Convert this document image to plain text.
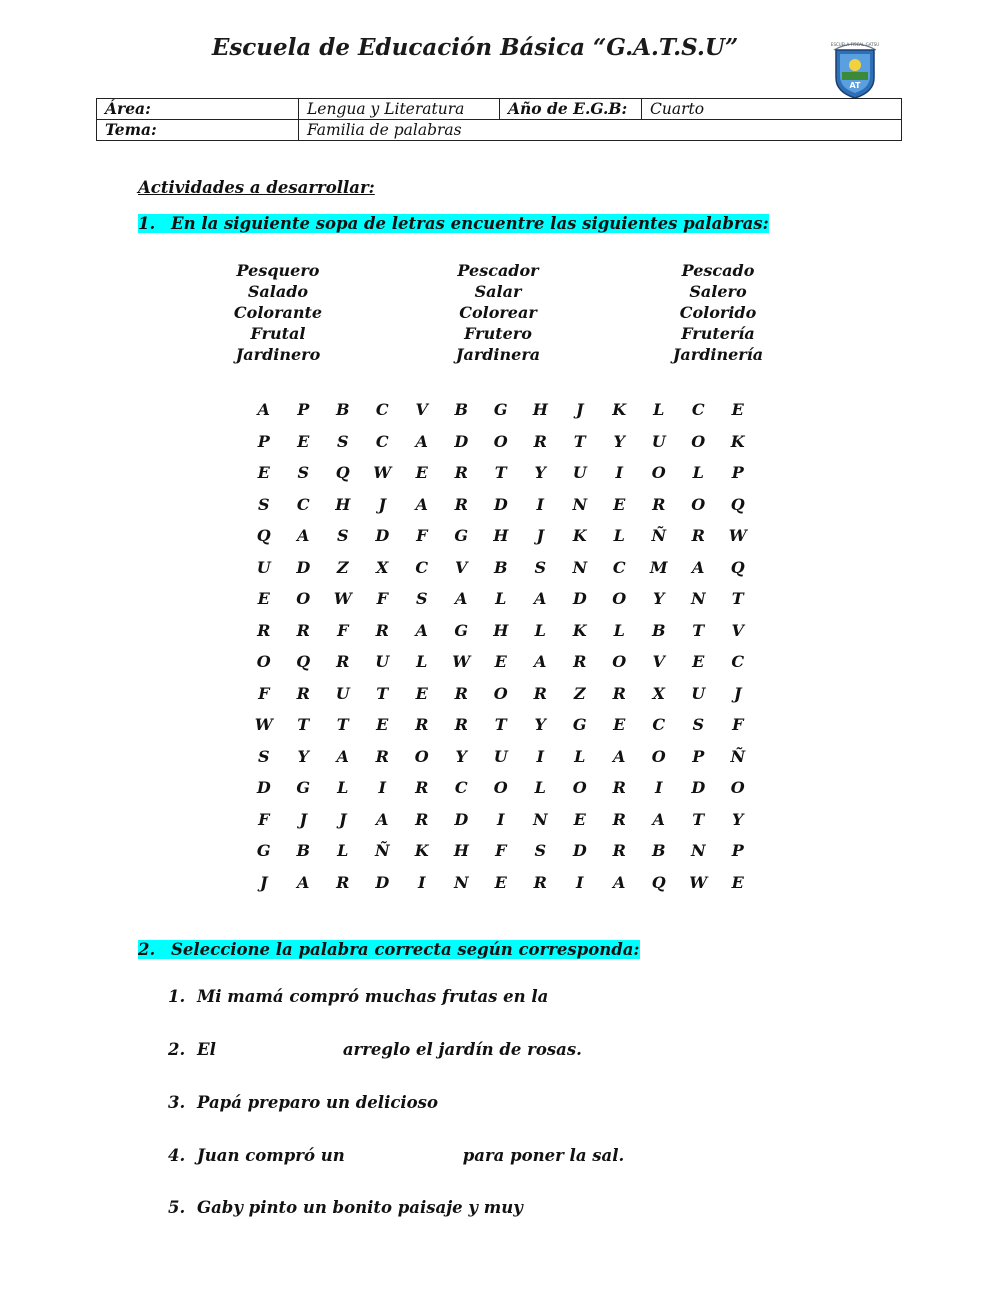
Escuela de Educación Básica “G.A.T.S.U”
AT
ESCUELA FISCAL GATSU
Área:	Lengua y Literatura	Año de E.G.B:	Cuarto
Tema:	Familia de palabras		
Actividades a desarrollar:
1. En la siguiente sopa de letras encuentre las siguientes palabras:
Pesquero	Pescador	Pescado
Salado	Salar	Salero
Colorante	Colorear	Colorido
Frutal	Frutero	Frutería
Jardinero	Jardinera	Jardinería
A	P	B	C	V	B	G	H	J	K	L	C	E
P	E	S	C	A	D	O	R	T	Y	U	O	K
E	S	Q	W	E	R	T	Y	U	I	O	L	P
S	C	H	J	A	R	D	I	N	E	R	O	Q
Q	A	S	D	F	G	H	J	K	L	Ñ	R	W
U	D	Z	X	C	V	B	S	N	C	M	A	Q
E	O	W	F	S	A	L	A	D	O	Y	N	T
R	R	F	R	A	G	H	L	K	L	B	T	V
O	Q	R	U	L	W	E	A	R	O	V	E	C
F	R	U	T	E	R	O	R	Z	R	X	U	J
W	T	T	E	R	R	T	Y	G	E	C	S	F
S	Y	A	R	O	Y	U	I	L	A	O	P	Ñ
D	G	L	I	R	C	O	L	O	R	I	D	O
F	J	J	A	R	D	I	N	E	R	A	T	Y
G	B	L	Ñ	K	H	F	S	D	R	B	N	P
J	A	R	D	I	N	E	R	I	A	Q	W	E
2. Seleccione la palabra correcta según corresponda:
1. Mi mamá compró muchas frutas en la
2. El	arreglo el jardín de rosas.
3. Papá preparo un delicioso
4. Juan compró un	para poner la sal.
5. Gaby pinto un bonito paisaje y muy
